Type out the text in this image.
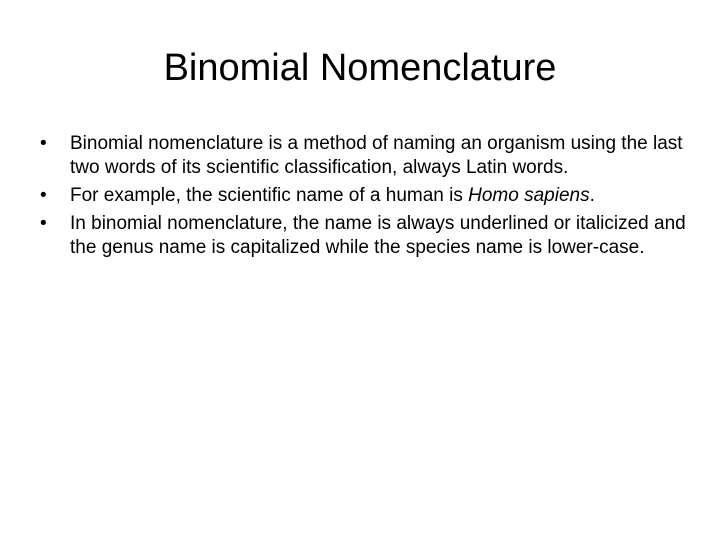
Binomial Nomenclature
•	Binomial nomenclature is a method of naming an organism using the last two words of its scientific classification, always Latin words.
•	For example, the scientific name of a human is Homo sapiens.
•	In binomial nomenclature, the name is always underlined or italicized and the genus name is capitalized while the species name is lower-case.
